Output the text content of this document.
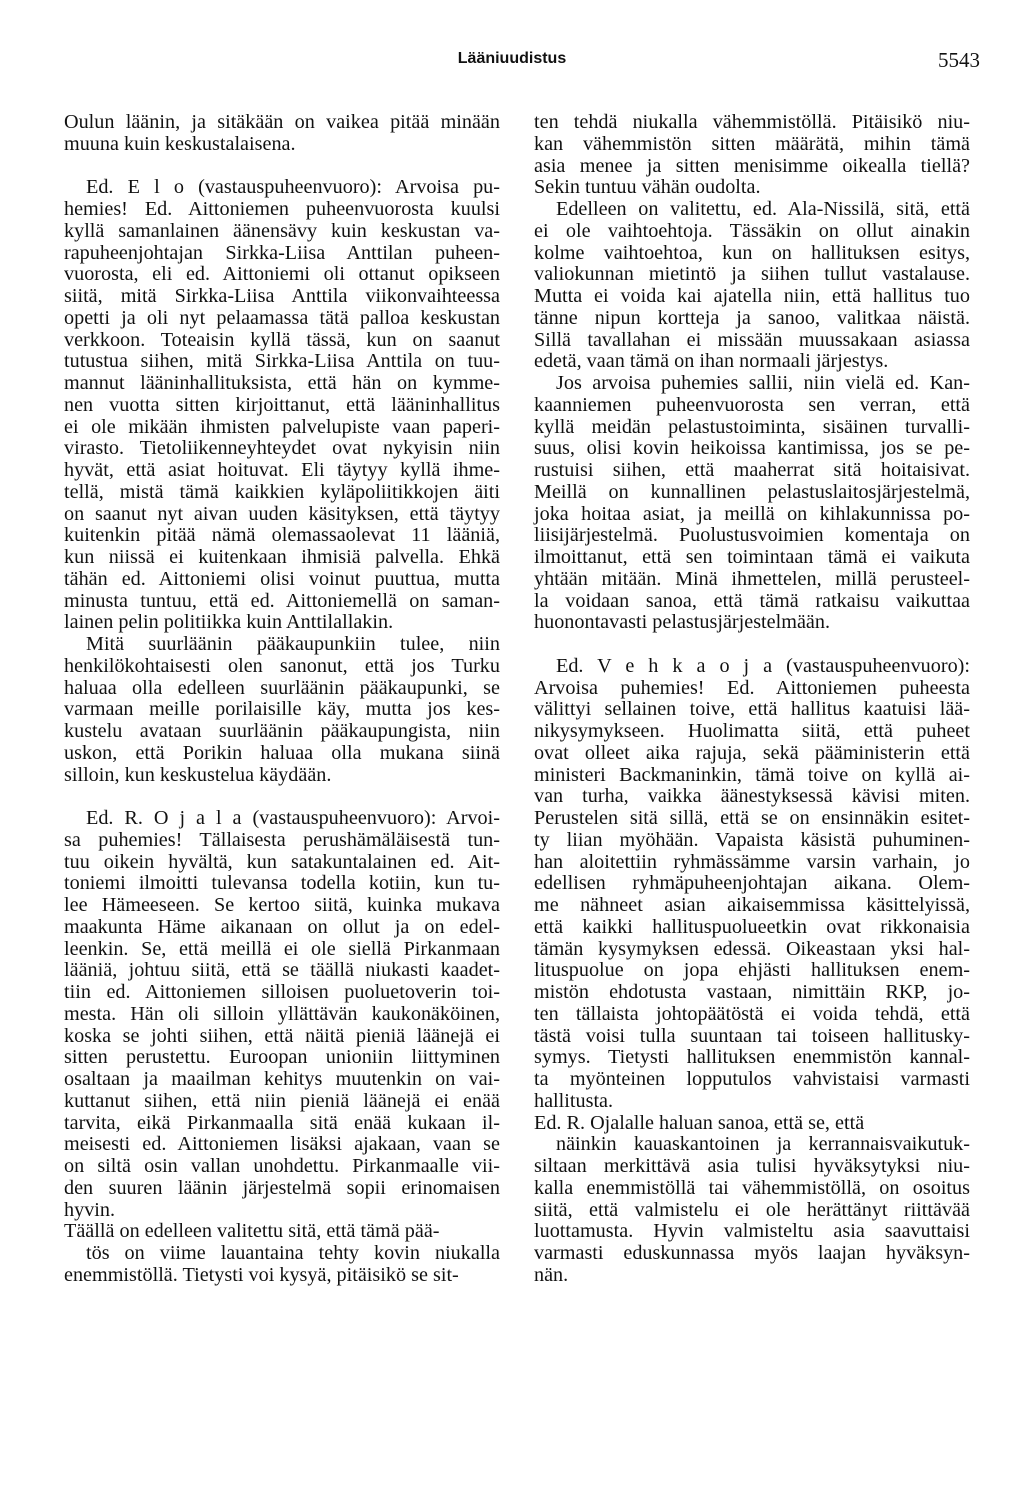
Lääniuudistus	5543
Oulun läänin, ja sitäkään on vaikea pitää minään
muuna kuin keskustalaisena.
Ed. E l o (vastauspuheenvuoro): Arvoisa pu-
hemies! Ed. Aittoniemen puheenvuorosta kuulsi
kyllä samanlainen äänensävy kuin keskustan va-
rapuheenjohtajan Sirkka-Liisa Anttilan puheen-
vuorosta, eli ed. Aittoniemi oli ottanut opikseen
siitä, mitä Sirkka-Liisa Anttila viikonvaihteessa
opetti ja oli nyt pelaamassa tätä palloa keskustan
verkkoon. Toteaisin kyllä tässä, kun on saanut
tutustua siihen, mitä Sirkka-Liisa Anttila on tuu-
mannut lääninhallituksista, että hän on kymme-
nen vuotta sitten kirjoittanut, että lääninhallitus
ei ole mikään ihmisten palvelupiste vaan paperi-
virasto. Tietoliikenneyhteydet ovat nykyisin niin
hyvät, että asiat hoituvat. Eli täytyy kyllä ihme-
tellä, mistä tämä kaikkien kyläpoliitikkojen äiti
on saanut nyt aivan uuden käsityksen, että täytyy
kuitenkin pitää nämä olemassaolevat 11 lääniä,
kun niissä ei kuitenkaan ihmisiä palvella. Ehkä
tähän ed. Aittoniemi olisi voinut puuttua, mutta
minusta tuntuu, että ed. Aittoniemellä on saman-
lainen pelin politiikka kuin Anttilallakin.
Mitä suurläänin pääkaupunkiin tulee, niin
henkilökohtaisesti olen sanonut, että jos Turku
haluaa olla edelleen suurläänin pääkaupunki, se
varmaan meille porilaisille käy, mutta jos kes-
kustelu avataan suurläänin pääkaupungista, niin
uskon, että Porikin haluaa olla mukana siinä
silloin, kun keskustelua käydään.
Ed. R. O j a l a (vastauspuheenvuoro): Arvoi-
sa puhemies! Tällaisesta perushämäläisestä tun-
tuu oikein hyvältä, kun satakuntalainen ed. Ait-
toniemi ilmoitti tulevansa todella kotiin, kun tu-
lee Hämeeseen. Se kertoo siitä, kuinka mukava
maakunta Häme aikanaan on ollut ja on edel-
leenkin. Se, että meillä ei ole siellä Pirkanmaan
lääniä, johtuu siitä, että se täällä niukasti kaadet-
tiin ed. Aittoniemen silloisen puoluetoverin toi-
mesta. Hän oli silloin yllättävän kaukonäköinen,
koska se johti siihen, että näitä pieniä läänejä ei
sitten perustettu. Euroopan unioniin liittyminen
osaltaan ja maailman kehitys muutenkin on vai-
kuttanut siihen, että niin pieniä läänejä ei enää
tarvita, eikä Pirkanmaalla sitä enää kukaan il-
meisesti ed. Aittoniemen lisäksi ajakaan, vaan se
on siltä osin vallan unohdettu. Pirkanmaalle vii-
den suuren läänin järjestelmä sopii erinomaisen
hyvin.
Täällä on edelleen valitettu sitä, että tämä pää-
tös on viime lauantaina tehty kovin niukalla
enemmistöllä. Tietysti voi kysyä, pitäisikö se sit-
ten tehdä niukalla vähemmistöllä. Pitäisikö niu-
kan vähemmistön sitten määrätä, mihin tämä
asia menee ja sitten menisimme oikealla tiellä?
Sekin tuntuu vähän oudolta.
Edelleen on valitettu, ed. Ala-Nissilä, sitä, että
ei ole vaihtoehtoja. Tässäkin on ollut ainakin
kolme vaihtoehtoa, kun on hallituksen esitys,
valiokunnan mietintö ja siihen tullut vastalause.
Mutta ei voida kai ajatella niin, että hallitus tuo
tänne nipun kortteja ja sanoo, valitkaa näistä.
Sillä tavallahan ei missään muussakaan asiassa
edetä, vaan tämä on ihan normaali järjestys.
Jos arvoisa puhemies sallii, niin vielä ed. Kan-
kaanniemen puheenvuorosta sen verran, että
kyllä meidän pelastustoiminta, sisäinen turvalli-
suus, olisi kovin heikoissa kantimissa, jos se pe-
rustuisi siihen, että maaherrat sitä hoitaisivat.
Meillä on kunnallinen pelastuslaitosjärjestelmä,
joka hoitaa asiat, ja meillä on kihlakunnissa po-
liisijärjestelmä. Puolustusvoimien komentaja on
ilmoittanut, että sen toimintaan tämä ei vaikuta
yhtään mitään. Minä ihmettelen, millä perusteel-
la voidaan sanoa, että tämä ratkaisu vaikuttaa
huonontavasti pelastusjärjestelmään.
Ed. V e h k a o j a (vastauspuheenvuoro):
Arvoisa puhemies! Ed. Aittoniemen puheesta
välittyi sellainen toive, että hallitus kaatuisi lää-
nikysymykseen. Huolimatta siitä, että puheet
ovat olleet aika rajuja, sekä pääministerin että
ministeri Backmaninkin, tämä toive on kyllä ai-
van turha, vaikka äänestyksessä kävisi miten.
Perustelen sitä sillä, että se on ensinnäkin esitet-
ty liian myöhään. Vapaista käsistä puhuminen-
han aloitettiin ryhmässämme varsin varhain, jo
edellisen ryhmäpuheenjohtajan aikana. Olem-
me nähneet asian aikaisemmissa käsittelyissä,
että kaikki hallituspuolueetkin ovat rikkonaisia
tämän kysymyksen edessä. Oikeastaan yksi hal-
lituspuolue on jopa ehjästi hallituksen enem-
mistön ehdotusta vastaan, nimittäin RKP, jo-
ten tällaista johtopäätöstä ei voida tehdä, että
tästä voisi tulla suuntaan tai toiseen hallitusky-
symys. Tietysti hallituksen enemmistön kannal-
ta myönteinen lopputulos vahvistaisi varmasti
hallitusta.
Ed. R. Ojalalle haluan sanoa, että se, että
näinkin kauaskantoinen ja kerrannaisvaikutuk-
siltaan merkittävä asia tulisi hyväksytyksi niu-
kalla enemmistöllä tai vähemmistöllä, on osoitus
siitä, että valmistelu ei ole herättänyt riittävää
luottamusta. Hyvin valmisteltu asia saavuttaisi
varmasti eduskunnassa myös laajan hyväksyn-
nän.
